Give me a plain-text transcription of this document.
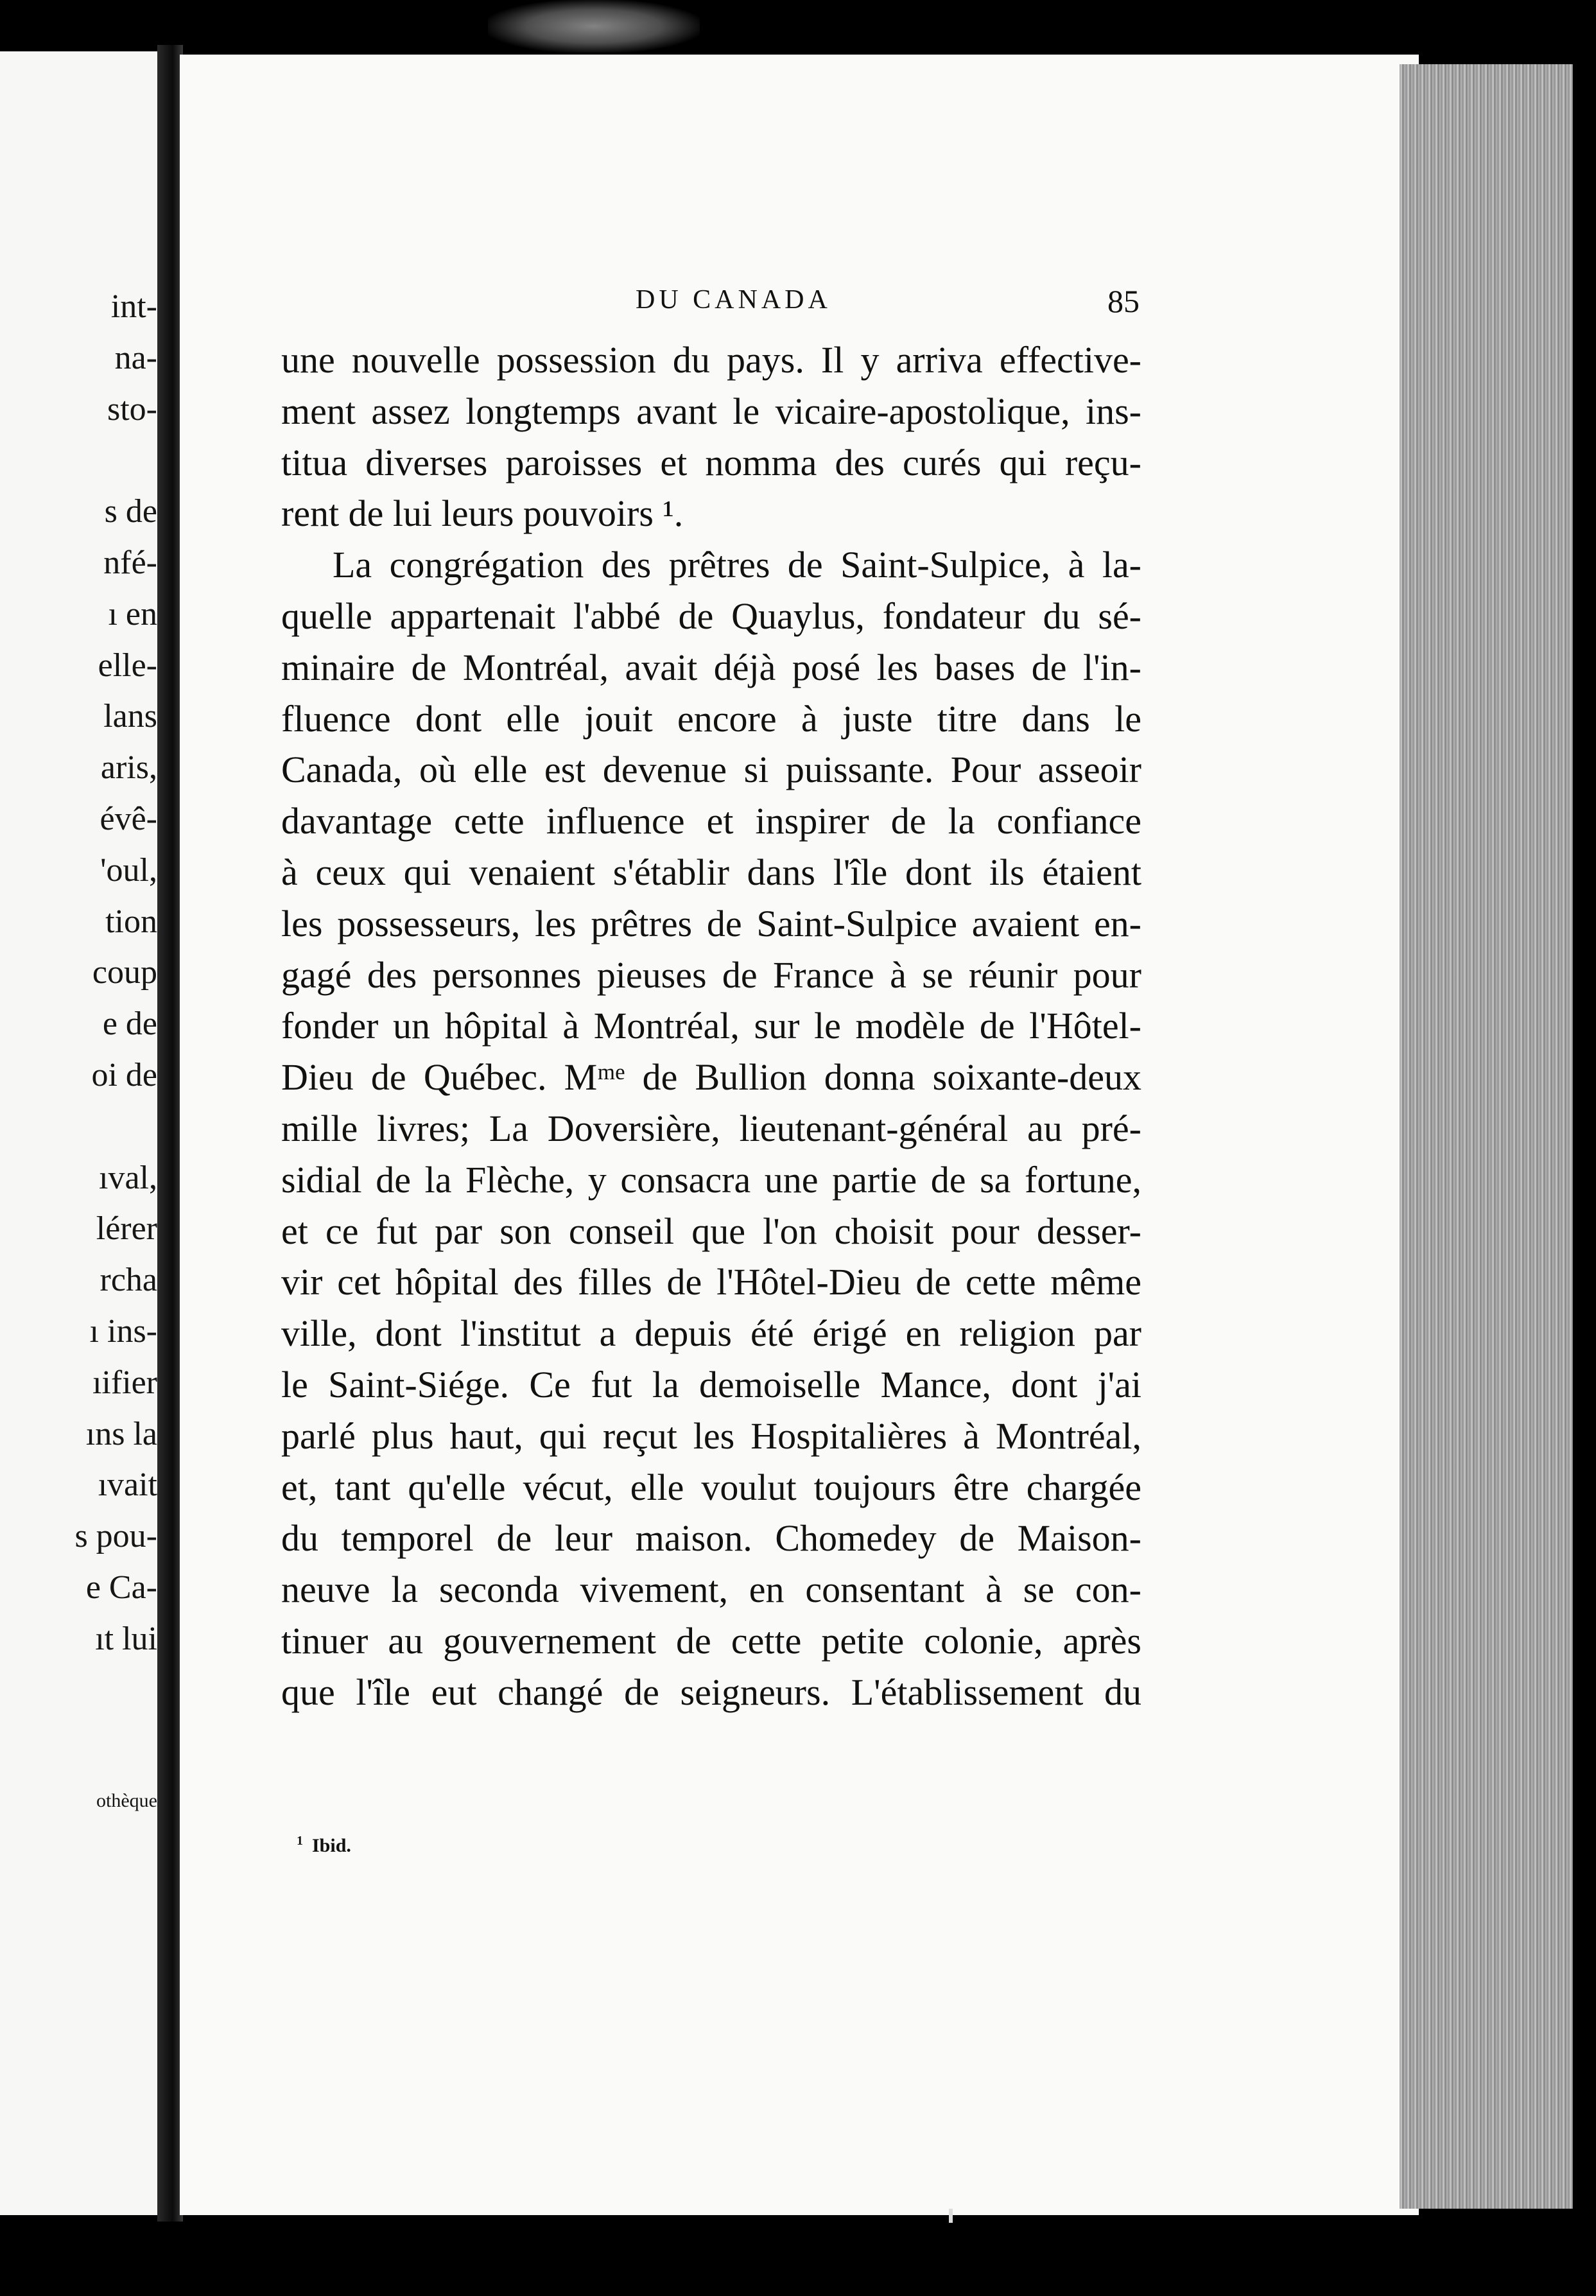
int-
na-
sto-
s de
nfé-
ı en
elle-
lans
aris,
évê-
'oul,
tion
coup
e de
oi de
ıval,
lérer
rcha
ı ins-
ıifier
ıns la
ıvait
s pou-
e Ca-
ıt lui
othèque
DU CANADA	85
une nouvelle possession du pays. Il y arriva effective-
ment assez longtemps avant le vicaire-apostolique, ins-
titua diverses paroisses et nomma des curés qui reçu-
rent de lui leurs pouvoirs ¹.
La congrégation des prêtres de Saint-Sulpice, à la-
quelle appartenait l'abbé de Quaylus, fondateur du sé-
minaire de Montréal, avait déjà posé les bases de l'in-
fluence dont elle jouit encore à juste titre dans le
Canada, où elle est devenue si puissante. Pour asseoir
davantage cette influence et inspirer de la confiance
à ceux qui venaient s'établir dans l'île dont ils étaient
les possesseurs, les prêtres de Saint-Sulpice avaient en-
gagé des personnes pieuses de France à se réunir pour
fonder un hôpital à Montréal, sur le modèle de l'Hôtel-
Dieu de Québec. Mᵐᵉ de Bullion donna soixante-deux
mille livres; La Doversière, lieutenant-général au pré-
sidial de la Flèche, y consacra une partie de sa fortune,
et ce fut par son conseil que l'on choisit pour desser-
vir cet hôpital des filles de l'Hôtel-Dieu de cette même
ville, dont l'institut a depuis été érigé en religion par
le Saint-Siége. Ce fut la demoiselle Mance, dont j'ai
parlé plus haut, qui reçut les Hospitalières à Montréal,
et, tant qu'elle vécut, elle voulut toujours être chargée
du temporel de leur maison. Chomedey de Maison-
neuve la seconda vivement, en consentant à se con-
tinuer au gouvernement de cette petite colonie, après
que l'île eut changé de seigneurs. L'établissement du
$^1$ Ibid.
